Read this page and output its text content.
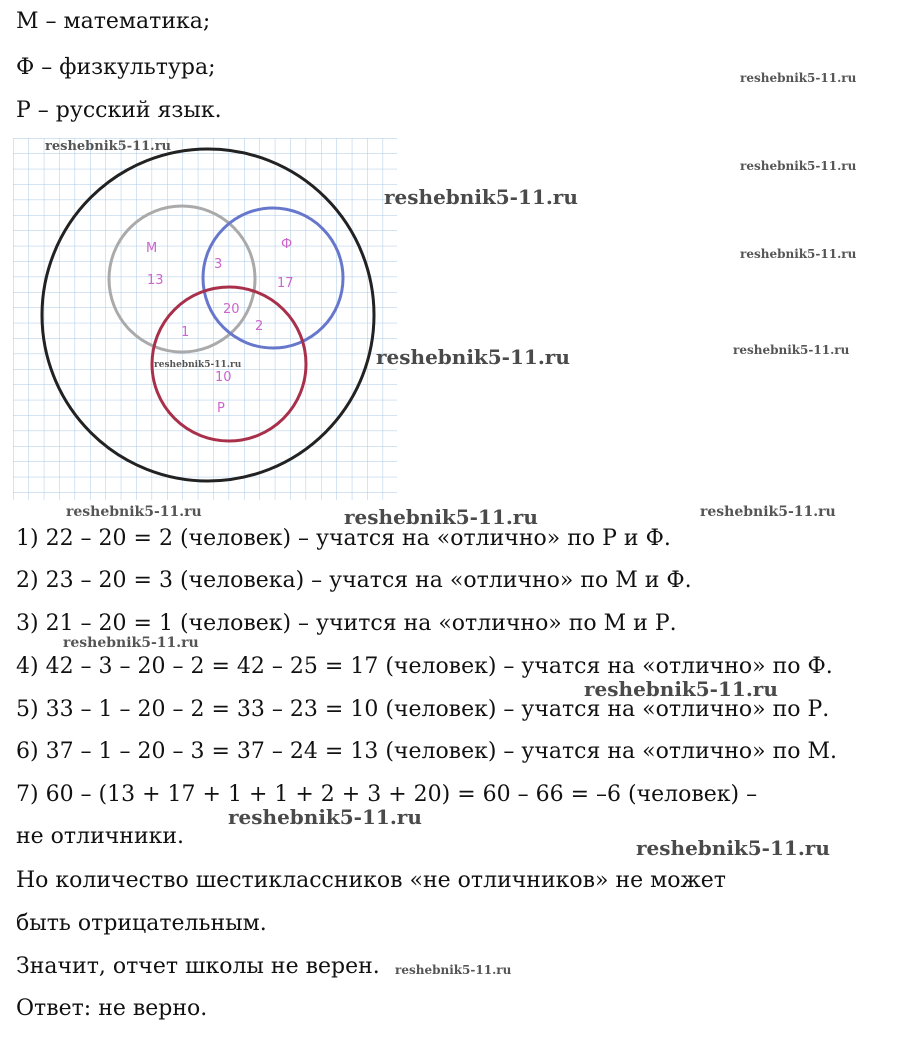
М – математика;
Ф – физкультура;
Р – русский язык.
М
13
3
Ф
17
20
1	2
10
Р
reshebnik5-11.ru
reshebnik5-11.ru
1) 22 – 20 = 2 (человек) – учатся на «отлично» по Р и Ф.
2) 23 – 20 = 3 (человека) – учатся на «отлично» по М и Ф.
3) 21 – 20 = 1 (человек) – учится на «отлично» по М и Р.
4) 42 – 3 – 20 – 2 = 42 – 25 = 17 (человек) – учатся на «отлично» по Ф.
5) 33 – 1 – 20 – 2 = 33 – 23 = 10 (человек) – учатся на «отлично» по Р.
6) 37 – 1 – 20 – 3 = 37 – 24 = 13 (человек) – учатся на «отлично» по М.
7) 60 – (13 + 17 + 1 + 1 + 2 + 3 + 20) = 60 – 66 = –6 (человек) –
не отличники.
Но количество шестиклассников «не отличников» не может
быть отрицательным.
Значит, отчет школы не верен.
Ответ: не верно.
reshebnik5-11.ru
reshebnik5-11.ru
reshebnik5-11.ru
reshebnik5-11.ru
reshebnik5-11.ru
reshebnik5-11.ru
reshebnik5-11.ru	reshebnik5-11.ru	reshebnik5-11.ru
reshebnik5-11.ru
reshebnik5-11.ru
reshebnik5-11.ru
reshebnik5-11.ru
reshebnik5-11.ru
